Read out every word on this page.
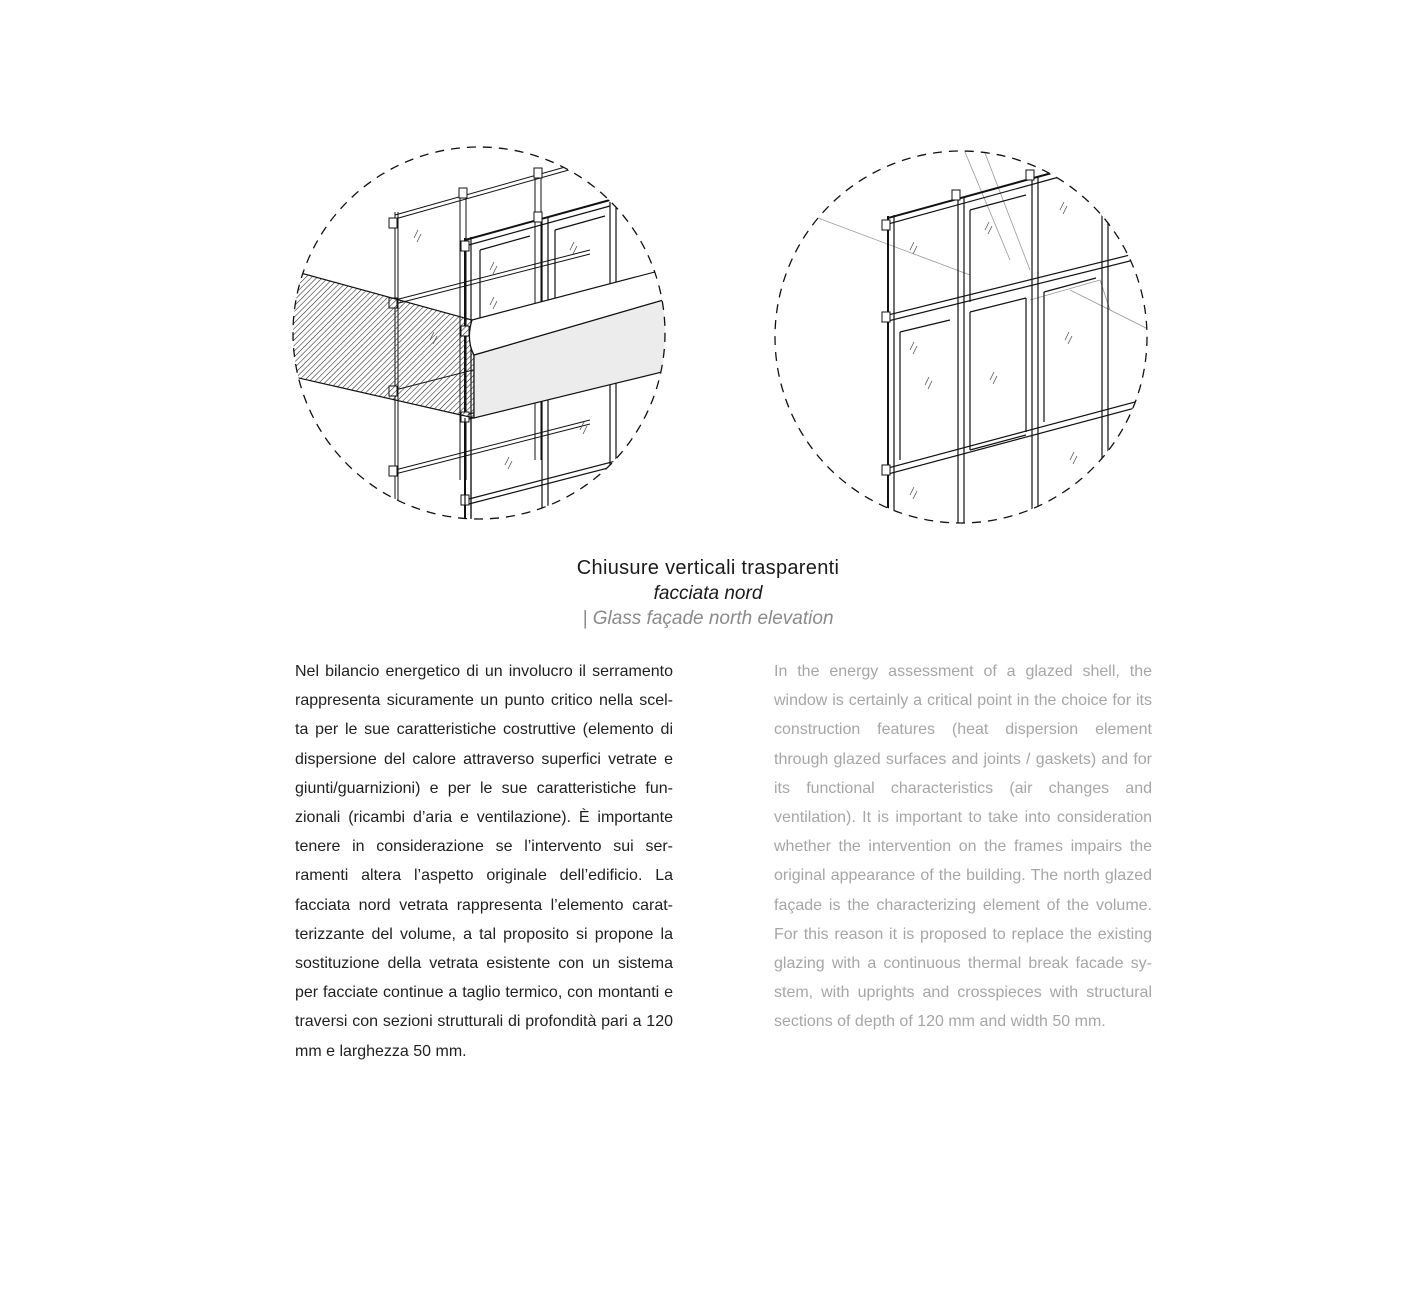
Chiusure verticali trasparenti
facciata nord
| Glass façade north elevation

Nel bilancio energetico di un involucro il serramento rappresenta sicuramente un punto critico nella scel-ta per le sue caratteristiche costruttive (elemento di dispersione del calore attraverso superfici vetrate e giunti/guarnizioni) e per le sue caratteristiche fun-zionali (ricambi d’aria e ventilazione). È importante tenere in considerazione se l’intervento sui ser-ramenti altera l’aspetto originale dell’edificio. La facciata nord vetrata rappresenta l’elemento carat-terizzante del volume, a tal proposito si propone la sostituzione della vetrata esistente con un sistema per facciate continue a taglio termico, con montanti e traversi con sezioni strutturali di profondità pari a 120 mm e larghezza 50 mm.

In the energy assessment of a glazed shell, the window is certainly a critical point in the choice for its construction features (heat dispersion element through glazed surfaces and joints / gaskets) and for its functional characteristics (air changes and ventilation). It is important to take into consideration whether the intervention on the frames impairs the original appearance of the building. The north glazed façade is the characterizing element of the volume. For this reason it is proposed to replace the existing glazing with a continuous thermal break facade sy-stem, with uprights and crosspieces with structural sections of depth of 120 mm and width 50 mm.
